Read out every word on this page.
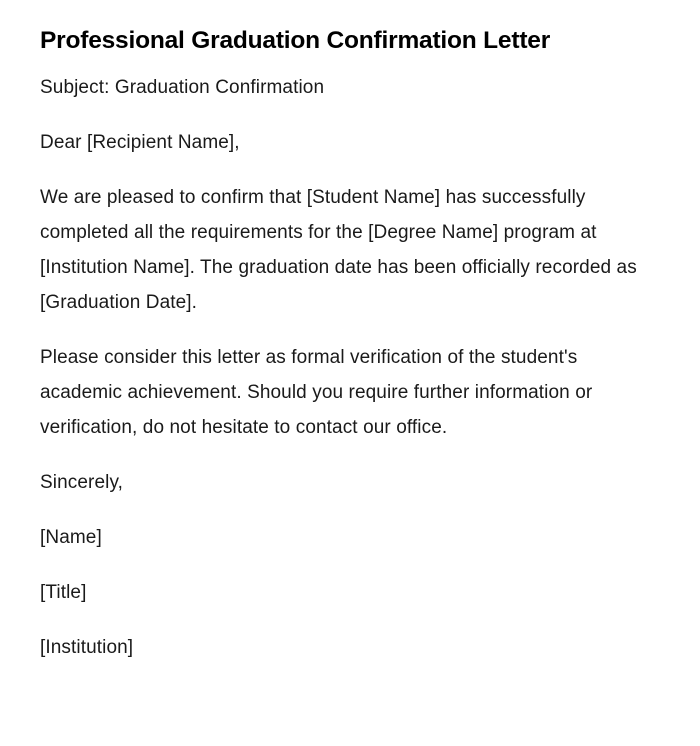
Professional Graduation Confirmation Letter

Subject: Graduation Confirmation

Dear [Recipient Name],

We are pleased to confirm that [Student Name] has successfully completed all the requirements for the [Degree Name] program at [Institution Name]. The graduation date has been officially recorded as [Graduation Date].

Please consider this letter as formal verification of the student's academic achievement. Should you require further information or verification, do not hesitate to contact our office.

Sincerely,

[Name]

[Title]

[Institution]
